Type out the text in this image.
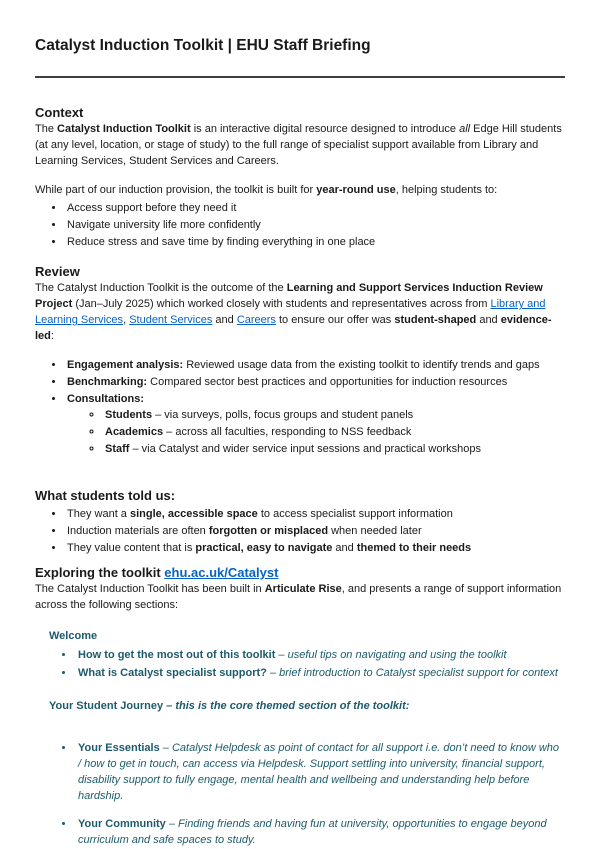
Catalyst Induction Toolkit | EHU Staff Briefing
Context

The Catalyst Induction Toolkit is an interactive digital resource designed to introduce all Edge Hill students (at any level, location, or stage of study) to the full range of specialist support available from Library and Learning Services, Student Services and Careers.

While part of our induction provision, the toolkit is built for year-round use, helping students to:

• Access support before they need it
• Navigate university life more confidently
• Reduce stress and save time by finding everything in one place
Review

The Catalyst Induction Toolkit is the outcome of the Learning and Support Services Induction Review Project (Jan–July 2025) which worked closely with students and representatives across from Library and Learning Services, Student Services and Careers to ensure our offer was student-shaped and evidence-led:

• Engagement analysis: Reviewed usage data from the existing toolkit to identify trends and gaps
• Benchmarking: Compared sector best practices and opportunities for induction resources
• Consultations:
◦ Students – via surveys, polls, focus groups and student panels
◦ Academics – across all faculties, responding to NSS feedback
◦ Staff – via Catalyst and wider service input sessions and practical workshops
What students told us:
• They want a single, accessible space to access specialist support information
• Induction materials are often forgotten or misplaced when needed later
• They value content that is practical, easy to navigate and themed to their needs
Exploring the toolkit ehu.ac.uk/Catalyst

The Catalyst Induction Toolkit has been built in Articulate Rise, and presents a range of support information across the following sections:

Welcome
• How to get the most out of this toolkit – useful tips on navigating and using the toolkit
• What is Catalyst specialist support? – brief introduction to Catalyst specialist support for context
Your Student Journey – this is the core themed section of the toolkit:
• Your Essentials – Catalyst Helpdesk as point of contact for all support i.e. don’t need to know who / how to get in touch, can access via Helpdesk. Support settling into university, financial support, disability support to fully engage, mental health and wellbeing and understanding help before hardship.
• Your Community – Finding friends and having fun at university, opportunities to engage beyond curriculum and safe spaces to study.
